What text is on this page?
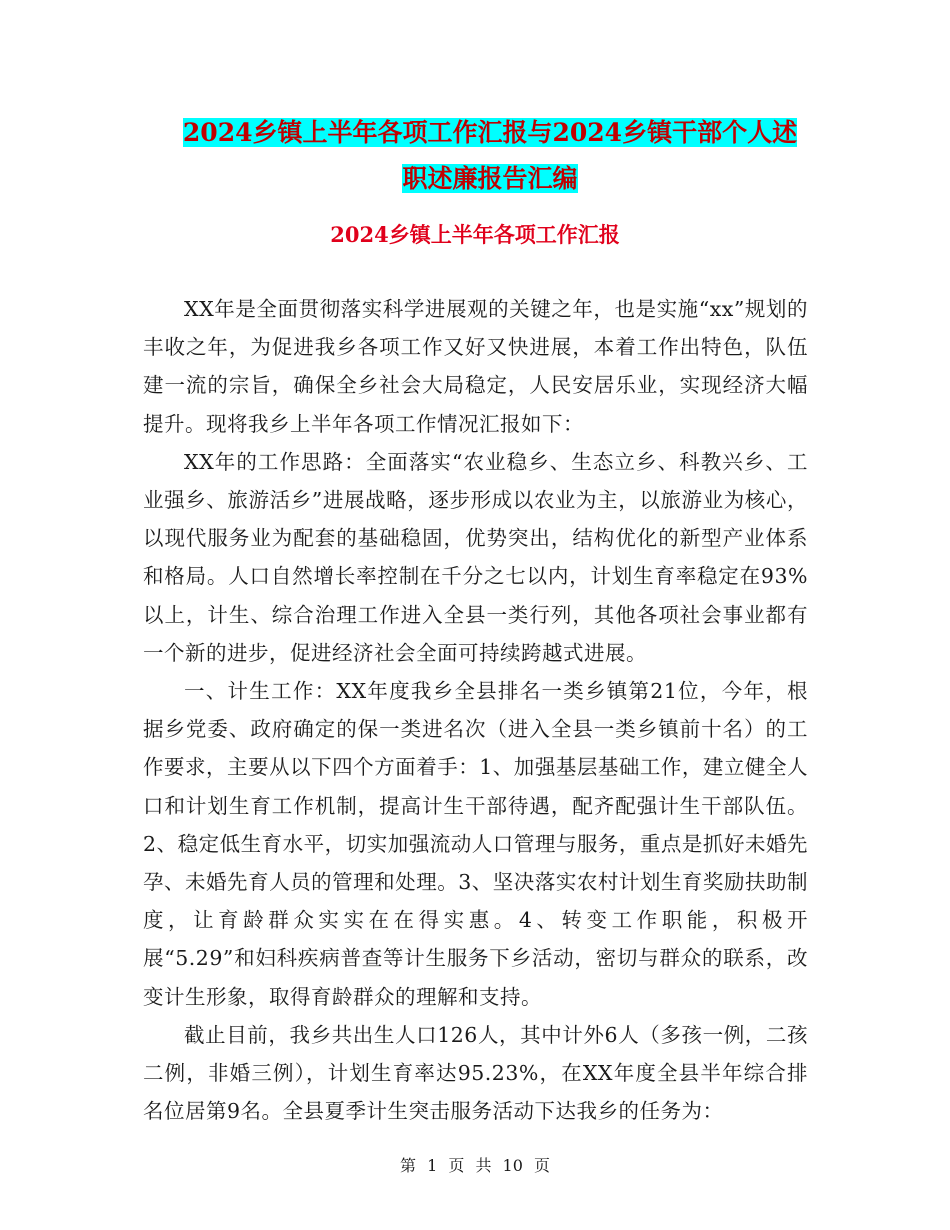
2024乡镇上半年各项工作汇报与2024乡镇干部个人述
职述廉报告汇编
2024乡镇上半年各项工作汇报

XX年是全面贯彻落实科学进展观的关键之年，也是实施“xx”规划的丰收之年，为促进我乡各项工作又好又快进展，本着工作出特色，队伍建一流的宗旨，确保全乡社会大局稳定，人民安居乐业，实现经济大幅提升。现将我乡上半年各项工作情况汇报如下：

XX年的工作思路：全面落实“农业稳乡、生态立乡、科教兴乡、工业强乡、旅游活乡”进展战略，逐步形成以农业为主，以旅游业为核心，以现代服务业为配套的基础稳固，优势突出，结构优化的新型产业体系和格局。人口自然增长率控制在千分之七以内，计划生育率稳定在93%以上，计生、综合治理工作进入全县一类行列，其他各项社会事业都有一个新的进步，促进经济社会全面可持续跨越式进展。

一、计生工作：XX年度我乡全县排名一类乡镇第21位，今年，根据乡党委、政府确定的保一类进名次（进入全县一类乡镇前十名）的工作要求，主要从以下四个方面着手：1、加强基层基础工作，建立健全人口和计划生育工作机制，提高计生干部待遇，配齐配强计生干部队伍。2、稳定低生育水平，切实加强流动人口管理与服务，重点是抓好未婚先孕、未婚先育人员的管理和处理。3、坚决落实农村计划生育奖励扶助制度，让育龄群众实实在在得实惠。4、转变工作职能，积极开展“5.29”和妇科疾病普查等计生服务下乡活动，密切与群众的联系，改变计生形象，取得育龄群众的理解和支持。

截止目前，我乡共出生人口126人，其中计外6人（多孩一例，二孩二例，非婚三例），计划生育率达95.23%，在XX年度全县半年综合排名位居第9名。全县夏季计生突击服务活动下达我乡的任务为：

第 1 页 共 10 页
